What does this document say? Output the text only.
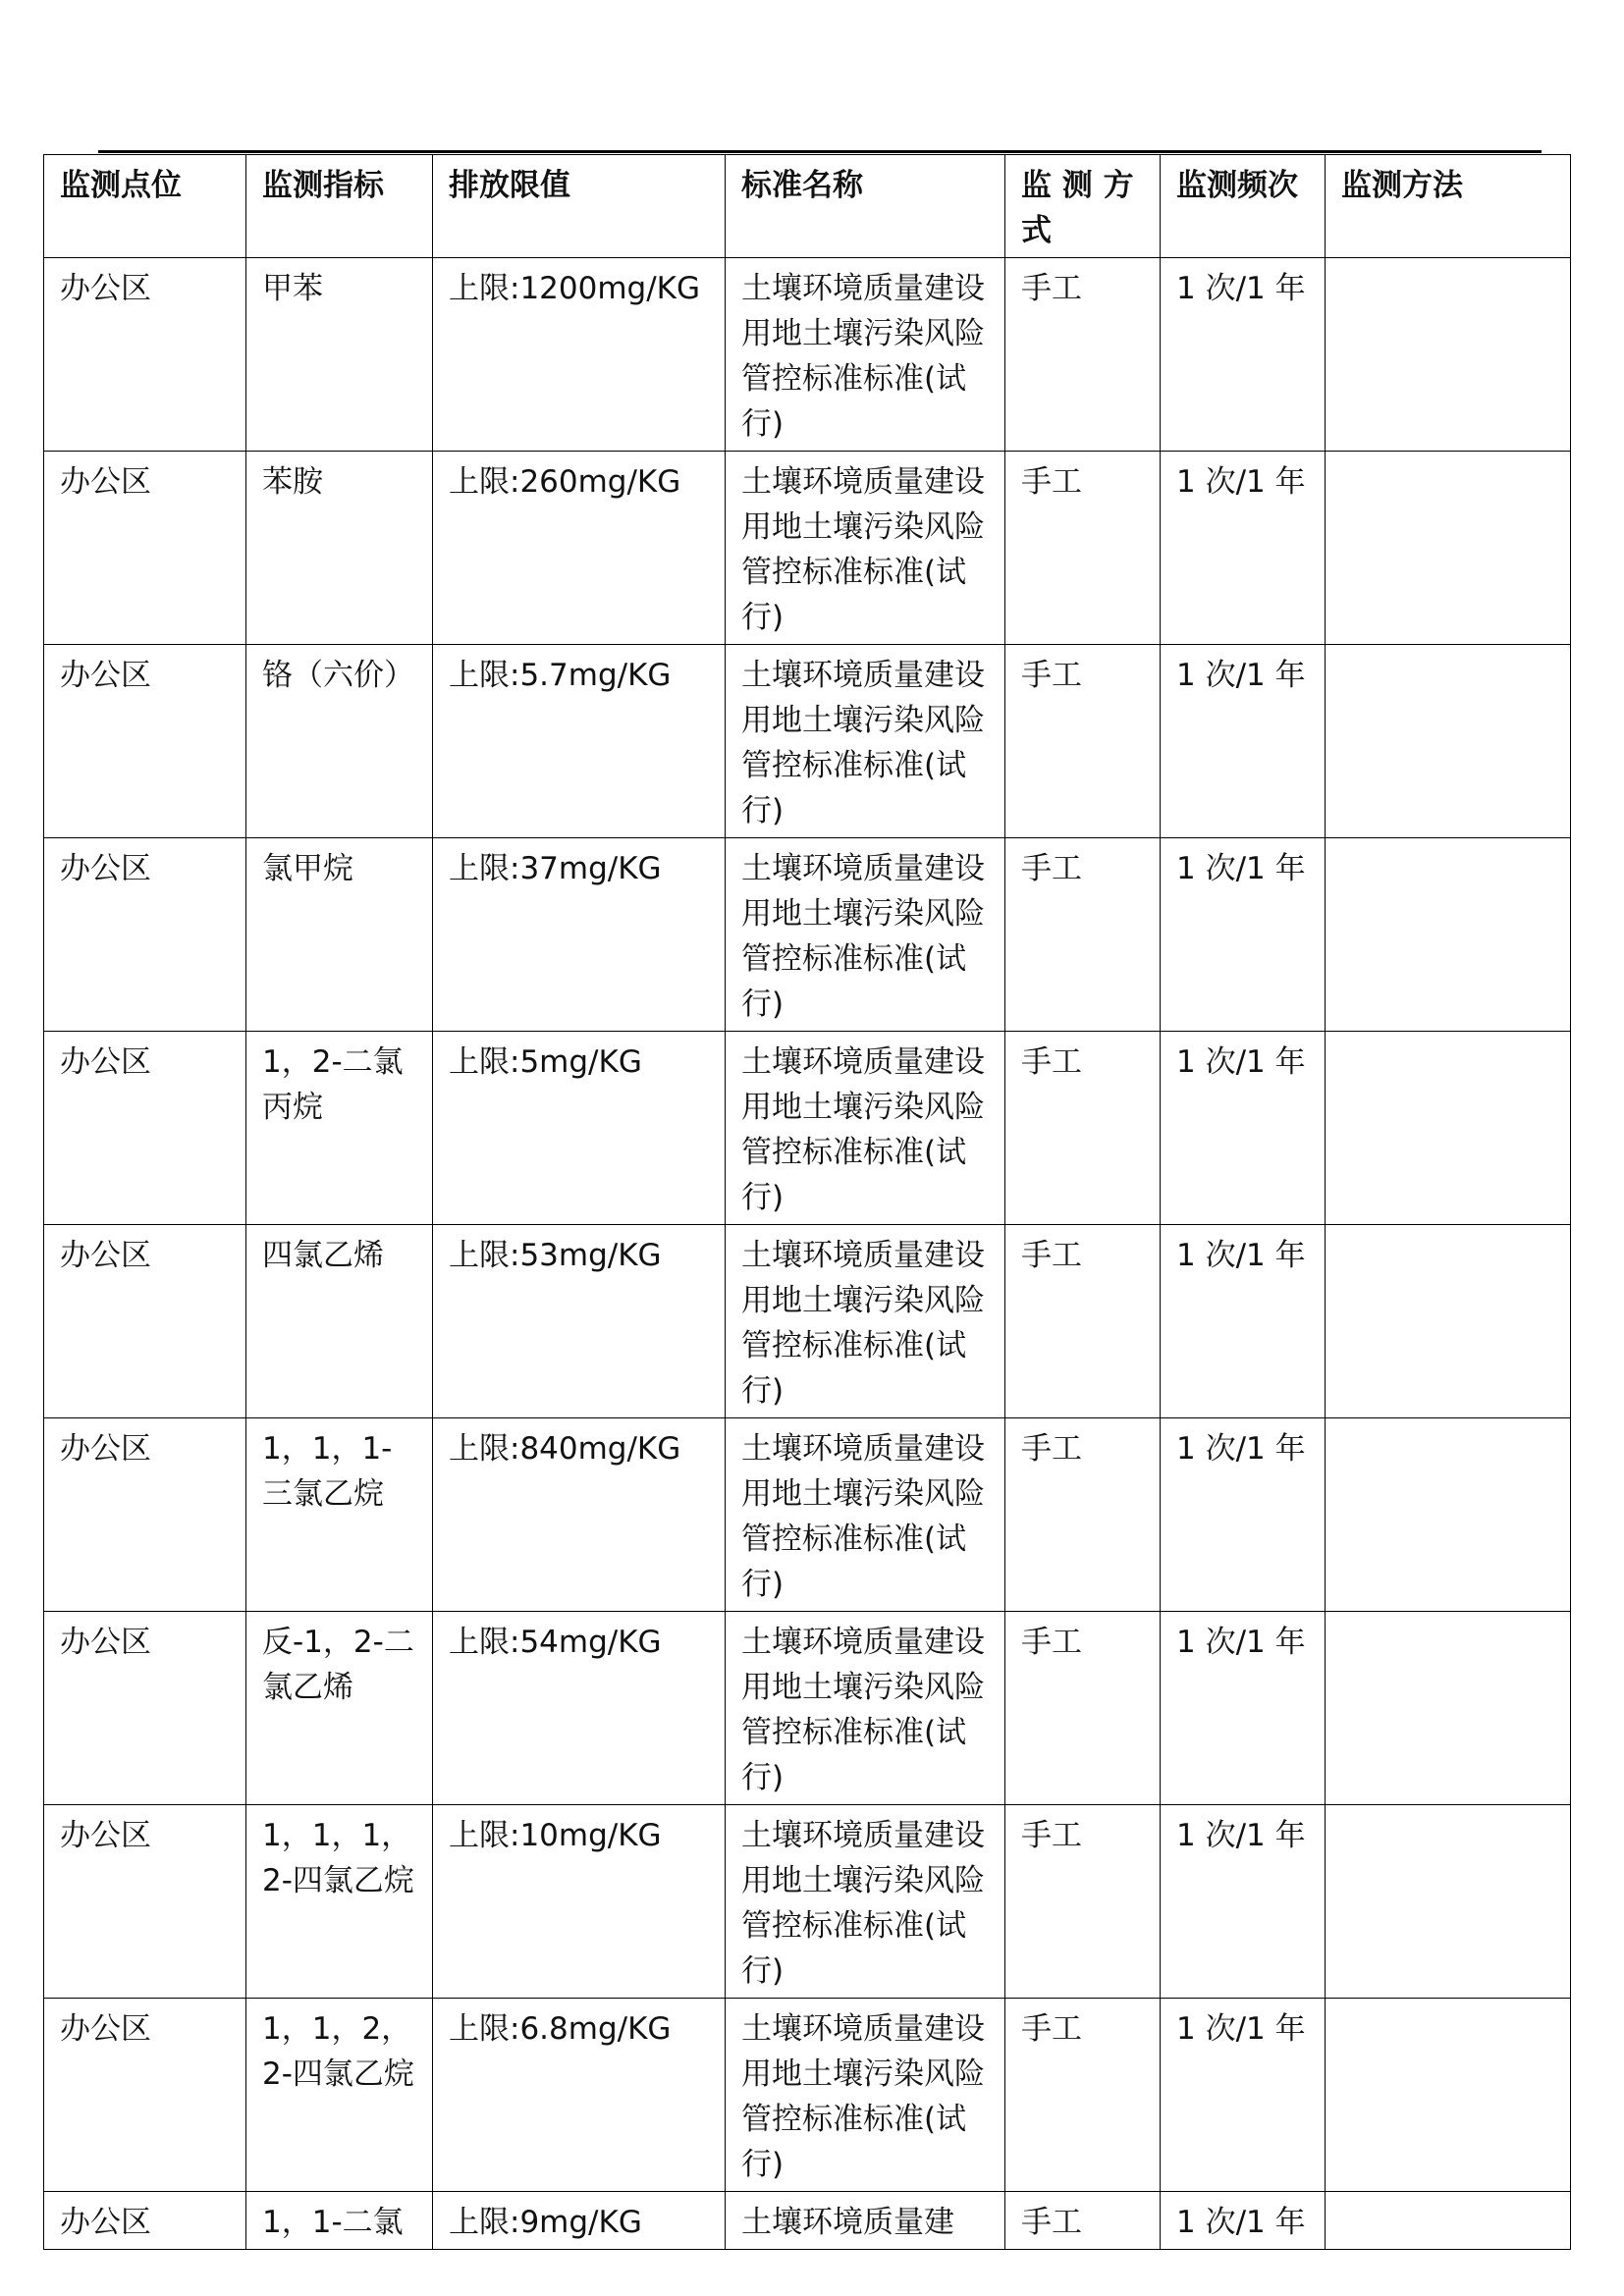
监测点位	监测指标	排放限值	标准名称	监 测 方式	监测频次	监测方法
办公区	甲苯	上限:1200mg/KG	土壤环境质量建设用地土壤污染风险管控标准标准(试行)	手工	1 次/1 年	
办公区	苯胺	上限:260mg/KG	土壤环境质量建设用地土壤污染风险管控标准标准(试行)	手工	1 次/1 年	
办公区	铬（六价）	上限:5.7mg/KG	土壤环境质量建设用地土壤污染风险管控标准标准(试行)	手工	1 次/1 年	
办公区	氯甲烷	上限:37mg/KG	土壤环境质量建设用地土壤污染风险管控标准标准(试行)	手工	1 次/1 年	
办公区	1，2-二氯丙烷	上限:5mg/KG	土壤环境质量建设用地土壤污染风险管控标准标准(试行)	手工	1 次/1 年	
办公区	四氯乙烯	上限:53mg/KG	土壤环境质量建设用地土壤污染风险管控标准标准(试行)	手工	1 次/1 年	
办公区	1，1，1-三氯乙烷	上限:840mg/KG	土壤环境质量建设用地土壤污染风险管控标准标准(试行)	手工	1 次/1 年	
办公区	反-1，2-二氯乙烯	上限:54mg/KG	土壤环境质量建设用地土壤污染风险管控标准标准(试行)	手工	1 次/1 年	
办公区	1，1，1，2-四氯乙烷	上限:10mg/KG	土壤环境质量建设用地土壤污染风险管控标准标准(试行)	手工	1 次/1 年	
办公区	1，1，2，2-四氯乙烷	上限:6.8mg/KG	土壤环境质量建设用地土壤污染风险管控标准标准(试行)	手工	1 次/1 年	
办公区	1，1-二氯	上限:9mg/KG	土壤环境质量建	手工	1 次/1 年	
